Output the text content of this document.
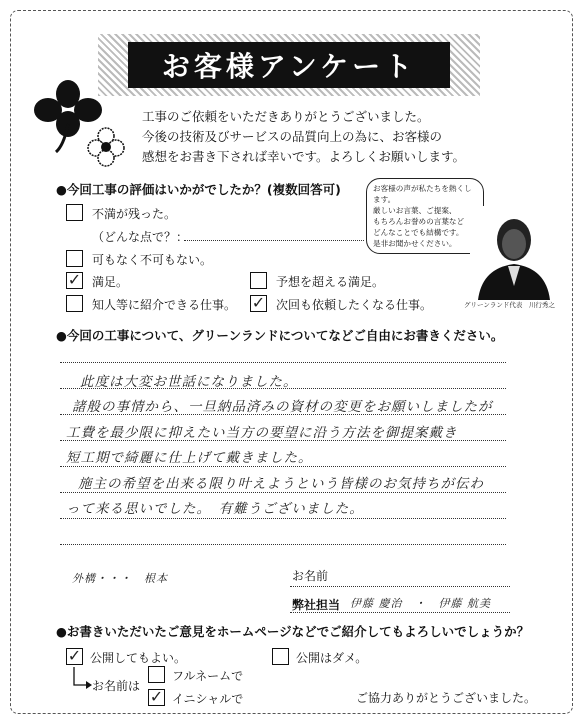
お客様アンケート
工事のご依頼をいただきありがとうございました。
今後の技術及びサービスの品質向上の為に、お客様の
感想をお書き下されば幸いです。よろしくお願いします。
●今回工事の評価はいかがでしたか？(複数回答可)
不満が残った。
（どんな点で？：
可もなく不可もない。
✓ 満足。	予想を超える満足。
知人等に紹介できる仕事。 ✓ 次回も依頼したくなる仕事。
お客様の声が私たちを熱くします。
厳しいお言葉、ご提案、
もちろんお誉めの言葉など
どんなことでも結構です。
是非お聞かせください。
グリーンランド代表　川行秀之
●今回の工事について、グリーンランドについてなどご自由にお書きください。
此度は大変お世話になりました。
諸般の事情から、一旦納品済みの資材の変更をお願いしましたが
工費を最少限に抑えたい当方の要望に沿う方法を御提案戴き
短工期で綺麗に仕上げて戴きました。
施主の希望を出来る限り叶えようという皆様のお気持ちが伝わ
って来る思いでした。　有難うございました。
外構・・・　根本	お名前
弊社担当 伊藤 慶治　・　伊藤 航美
●お書きいただいたご意見をホームページなどでご紹介してもよろしいでしょうか？
✓ 公開してもよい。	公開はダメ。
お名前は
フルネームで
✓ イニシャルで	ご協力ありがとうございました。
